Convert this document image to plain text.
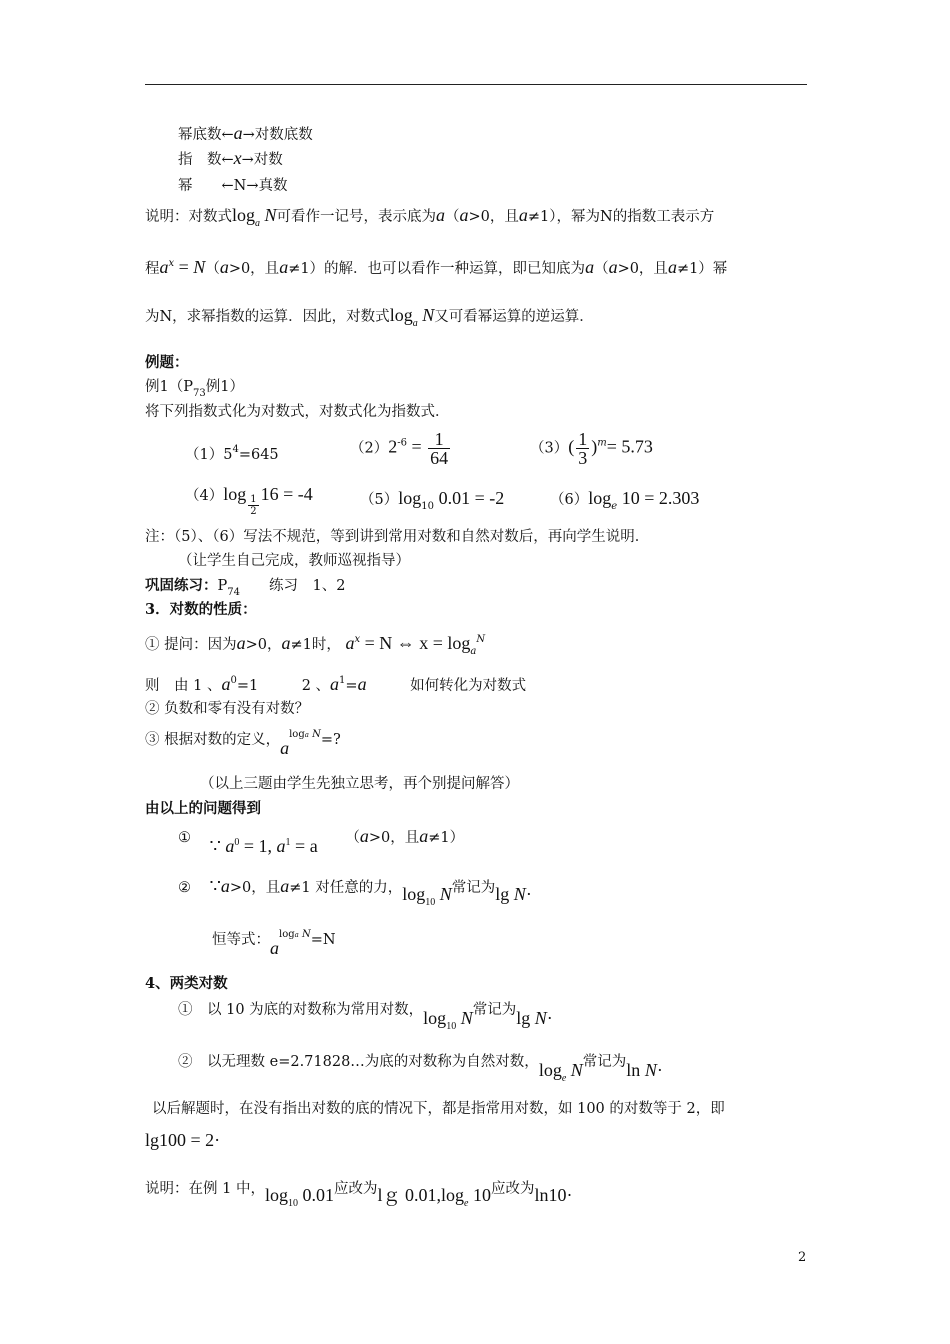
幂底数←a→对数底数
指　数←x→对数
幂　　←N→真数
说明：对数式$\log_a N$可看作一记号，表示底为a（a>0，且a≠1），幂为N的指数工表示方
程$a^x = N(a>0$，且a≠1）的解．也可以看作一种运算，即已知底为a（a>0，且a≠1）幂
为N，求幂指数的运算．因此，对数式$\log_a N$又可看幂运算的逆运算．
例题：
例$1(P_{73}$例1）
将下列指数式化为对数式，对数式化为指数式．
$(1)5^4=645$	$(2)2^{-6} = \frac{1}{64}$	$(3)( \frac{1}{3} )^m= 5.73$
$(4)\log \frac{1}{2} 16 = -4$	$(5)\log_{10}$ 0.01 = -2	$(6)\log_e$ 10 = 2.303
注：（5）、（6）写法不规范，等到讲到常用对数和自然对数后，再向学生说明．
（让学生自己完成，教师巡视指导）
巩固练习：$P_{74}$　　练习　1、2
3．对数的性质：
① 提问：因为a>0，a≠1时， $a^x = N$ ⇔ $x = \log_a^N$
则　由 1 、$a^0=1$　　　2 、$a^1=a$　　　如何转化为对数式
② 负数和零有没有对数？
③ 根据对数的定义，$a^{loga N}=$?
（以上三题由学生先独立思考，再个别提问解答）
由以上的问题得到
① ∵ $a^0 = 1$, $a^1 = a$ （a>0，且a≠1）
② ∵a>0，且a≠1 对任意的力，$\log_{10} N$常记为lg N·
恒等式：$a^{loga N}=N$
4、两类对数
①　以 10 为底的对数称为常用对数，$\log_{10} N$常记为lg N·
②　以无理数 e=2.71828…为底的对数称为自然对数，$\log_e N$常记为ln N·
以后解题时，在没有指出对数的底的情况下，都是指常用对数，如 100 的对数等于 2，即
lg100 = 2·
说明：在例 1 中，$\log_{10} 0.01$应改为lｇ $0.01,\log_e$ 10应改为ln10·
2
